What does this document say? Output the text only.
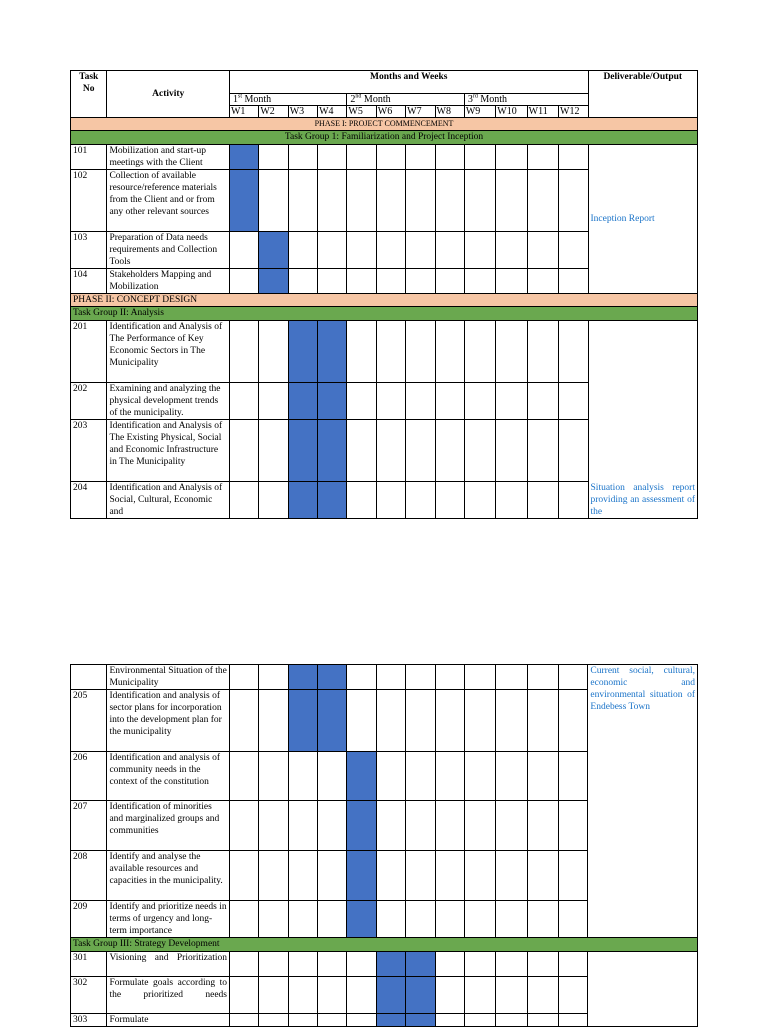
Task No	Activity	Months and Weeks												Deliverable/Output
		1st Month				2nd Month				3rd Month				
		W1	W2	W3	W4	W5	W6	W7	W8	W9	W10	W11	W12	
PHASE I: PROJECT COMMENCEMENT														
Task Group 1: Familiarization and Project Inception														
101	Mobilization and start-up meetings with the Client													Inception Report
102	Collection of available resource/reference materials from the Client and or from any other relevant sources													
103	Preparation of Data needs requirements and Collection Tools													
104	Stakeholders Mapping and Mobilization													
PHASE II: CONCEPT DESIGN														
Task Group II: Analysis														
201	Identification and Analysis of The Performance of Key Economic Sectors in The Municipality													Situation analysis report providing an assessment of the

202	Examining and analyzing the physical development trends of the municipality.													
203	Identification and Analysis of The Existing Physical, Social and Economic Infrastructure in The Municipality													
204	Identification and Analysis of Social, Cultural, Economic and													
	Environmental Situation of the Municipality													Current social, cultural, economic and environmental situation of Endebess Town

205	Identification and analysis of sector plans for incorporation into the development plan for the municipality													
206	Identification and analysis of community needs in the context of the constitution													
207	Identification of minorities and marginalized groups and communities													
208	Identify and analyse the available resources and capacities in the municipality.													
209	Identify and prioritize needs in terms of urgency and long-term importance													
Task Group III: Strategy Development														
301	Visioning and Prioritization													
302	Formulate goals according to the prioritized needs													
303	Formulate													
